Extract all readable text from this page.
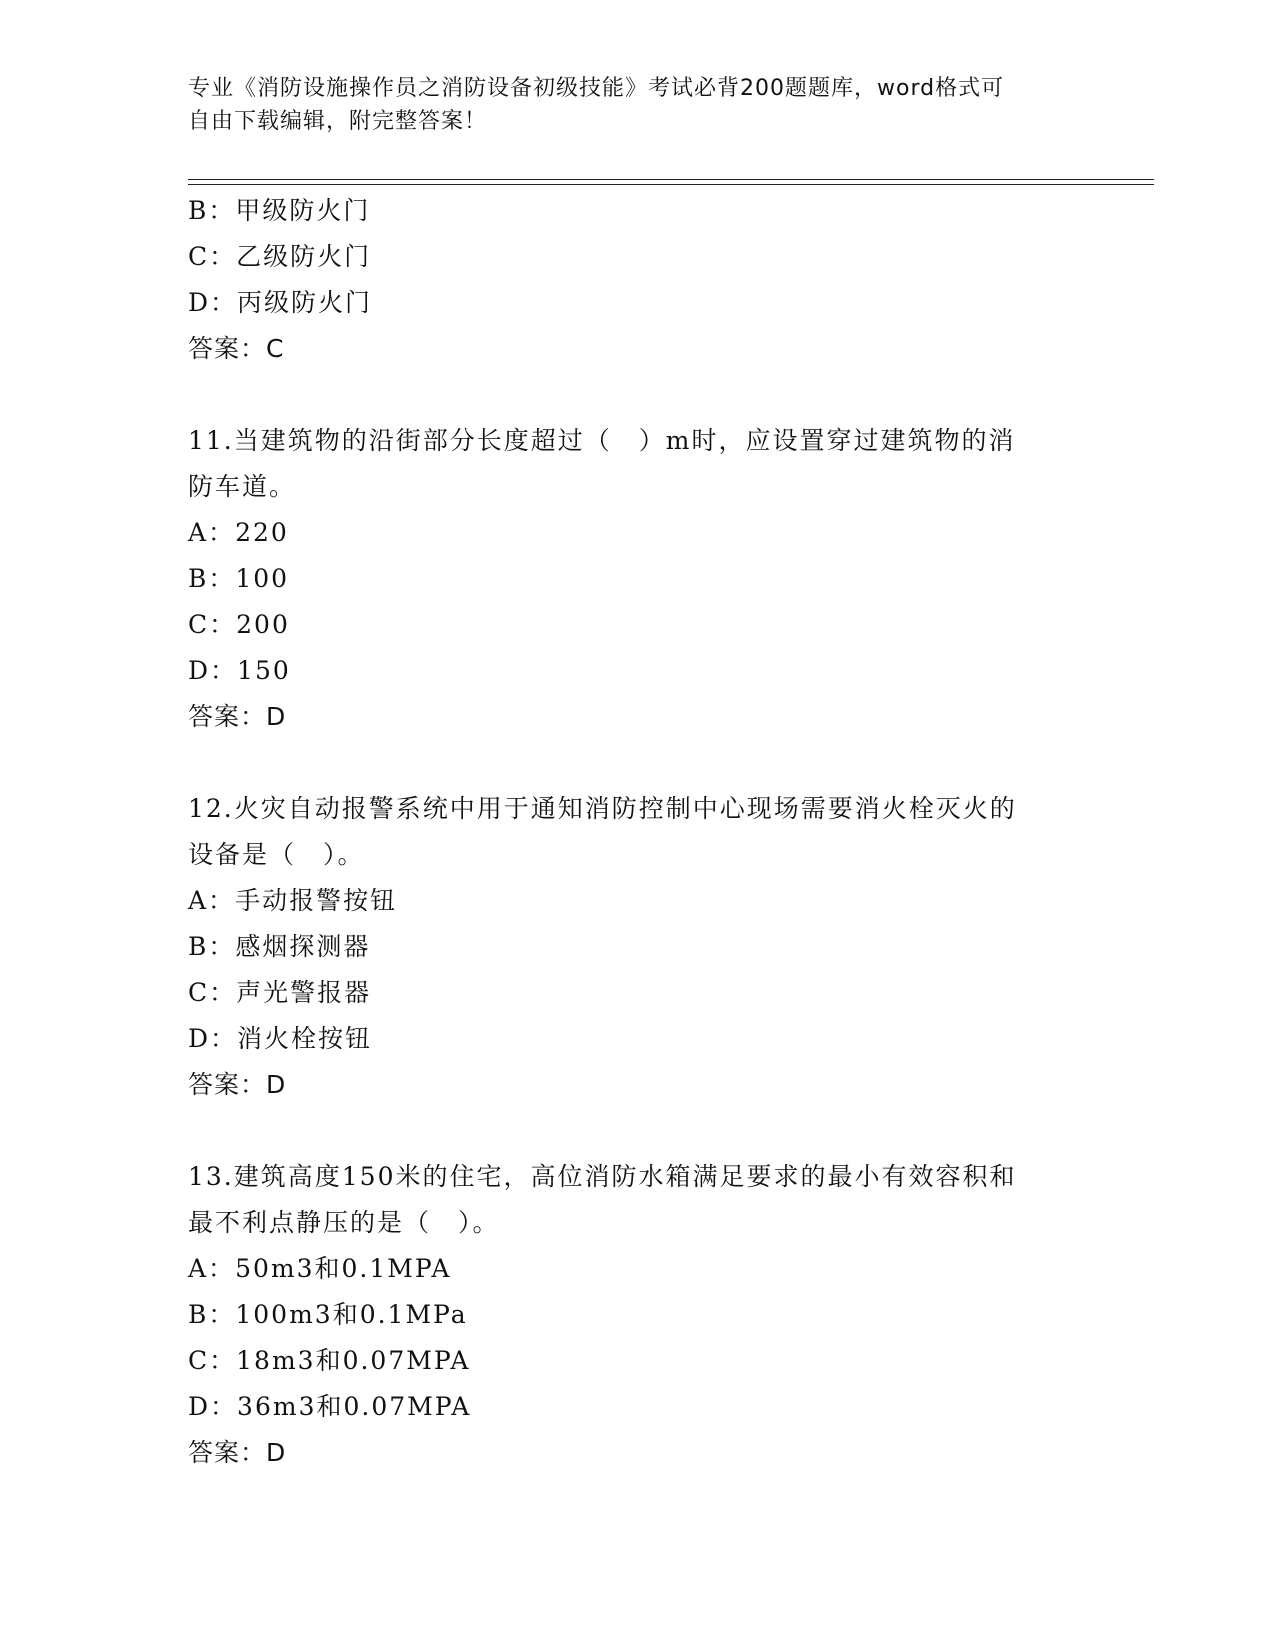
专业《消防设施操作员之消防设备初级技能》考试必背200题题库，word格式可
自由下载编辑，附完整答案！
B：甲级防火门
C：乙级防火门
D：丙级防火门
答案：C
11.当建筑物的沿街部分长度超过（　）m时，应设置穿过建筑物的消
防车道。
A：220
B：100
C：200
D：150
答案：D
12.火灾自动报警系统中用于通知消防控制中心现场需要消火栓灭火的
设备是（　）。
A：手动报警按钮
B：感烟探测器
C：声光警报器
D：消火栓按钮
答案：D
13.建筑高度150米的住宅，高位消防水箱满足要求的最小有效容积和
最不利点静压的是（　）。
A：50m3和0.1MPA
B：100m3和0.1MPa
C：18m3和0.07MPA
D：36m3和0.07MPA
答案：D
